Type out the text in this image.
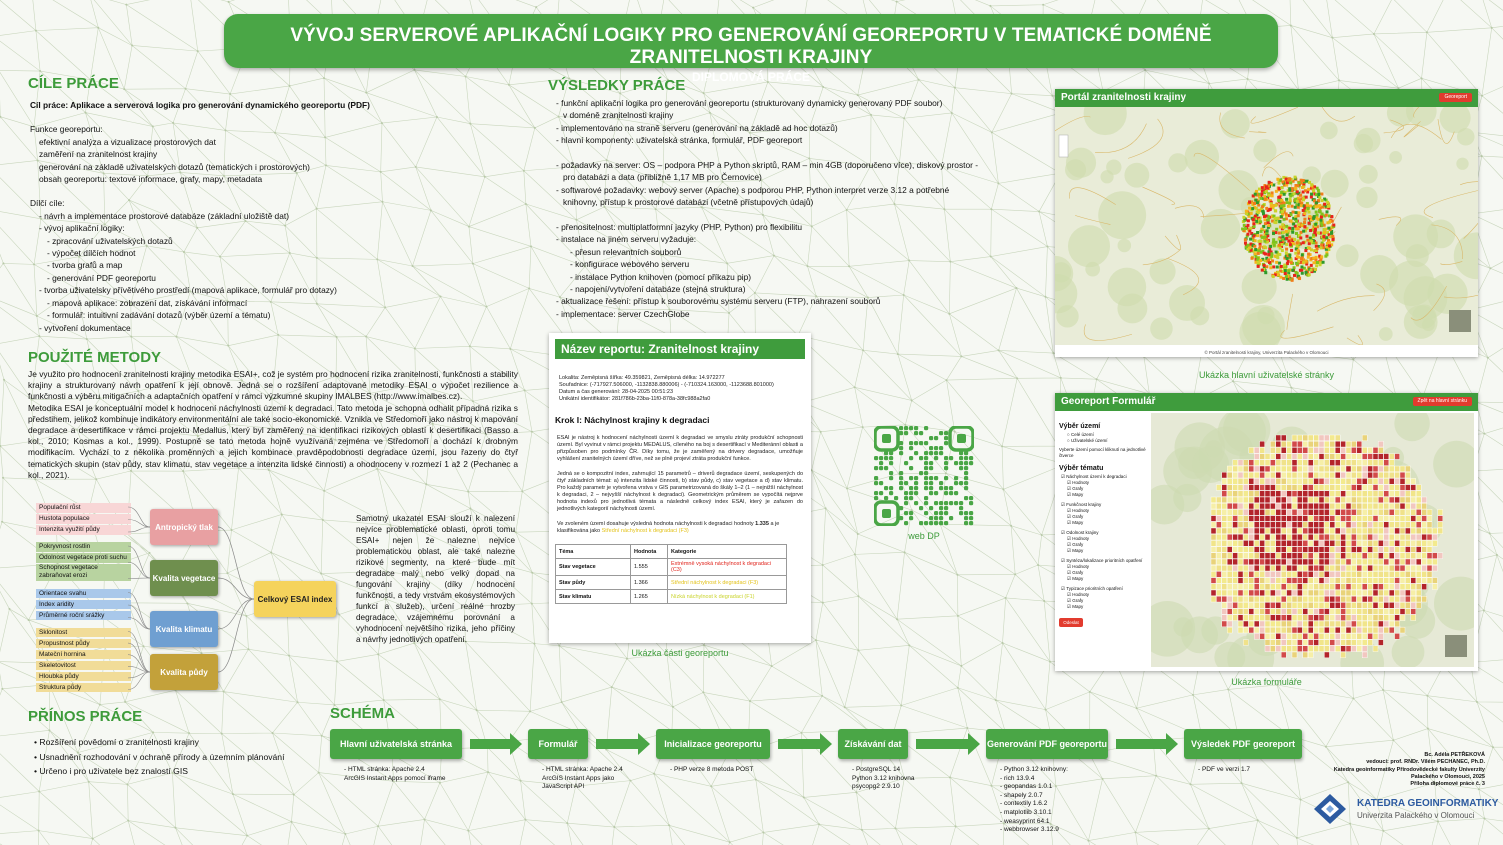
VÝVOJ SERVEROVÉ APLIKAČNÍ LOGIKY PRO GENEROVÁNÍ GEOREPORTU V TEMATICKÉ DOMÉNĚ ZRANITELNOSTI KRAJINY
DIPLOMOVÁ PRÁCE
CÍLE PRÁCE
Cíl práce: Aplikace a serverová logika pro generování dynamického georeportu (PDF)
Funkce georeportu:
efektivní analýza a vizualizace prostorových dat
zaměření na zranitelnost krajiny
generování na základě uživatelských dotazů (tematických i prostorových)
obsah georeportu: textové informace, grafy, mapy, metadata
Dílčí cíle:
- návrh a implementace prostorové databáze (základní uložiště dat)
- vývoj aplikační logiky:
- zpracování uživatelských dotazů
- výpočet dílčích hodnot
- tvorba grafů a map
- generování PDF georeportu
- tvorba uživatelsky přívětivého prostředí (mapová aplikace, formulář pro dotazy)
- mapová aplikace: zobrazení dat, získávání informací
- formulář: intuitivní zadávání dotazů (výběr území a tématu)
- vytvoření dokumentace
POUŽITÉ METODY
Je využito pro hodnocení zranitelnosti krajiny metodika ESAI+, což je systém pro hodnocení rizika zranitelnosti, funkčnosti a stability krajiny a strukturovaný návrh opatření k její obnově. Jedná se o rozšíření adaptované metodiky ESAI o výpočet rezilience a funkčnosti a výběru mitigačních a adaptačních opatření v rámci výzkumné skupiny IMALBES (http://www.imalbes.cz).
Metodika ESAI je konceptuální model k hodnocení náchylnosti území k degradaci. Tato metoda je schopna odhalit případná rizika s předstihem, jelikož kombinuje indikátory environmentální ale také socio-ekonomické. Vznikla ve Středomoří jako nástroj k mapování degradace a desertifikace v rámci projektu Medallus, který byl zaměřený na identifikaci rizikových oblastí k desertifikaci (Basso a kol., 2010; Kosmas a kol., 1999). Postupně se tato metoda hojně využívaná zejména ve Středomoří a dochází k drobným modifikacím. Vychází to z několika proměnných a jejich kombinace pravděpodobnosti degradace území, jsou řazeny do čtyř tematických skupin (stav půdy, stav klimatu, stav vegetace a intenzita lidské činnosti) a ohodnoceny v rozmezí 1 až 2 (Pechanec a kol., 2021).
Samotný ukazatel ESAI slouží k nalezení nejvíce problematické oblasti, oproti tomu ESAI+ nejen že nalezne nejvíce problematickou oblast, ale také nalezne rizikové segmenty, na které bude mít degradace malý nebo velký dopad na fungování krajiny (díky hodnocení funkčnosti, a tedy vrstvám ekosystémových funkcí a služeb), určení reálné hrozby degradace, vzájemnému porovnání a vyhodnocení největšího rizika, jeho příčiny a návrhy jednotlivých opatření.
PŘÍNOS PRÁCE
• Rozšíření povědomí o zranitelnosti krajiny
• Usnadnění rozhodování v ochraně přírody a územním plánování
• Určeno i pro uživatele bez znalostí GIS
VÝSLEDKY PRÁCE
- funkční aplikační logika pro generování georeportu (strukturovaný dynamicky generovaný PDF soubor)
v doméně zranitelnosti krajiny
- implementováno na straně serveru (generování na základě ad hoc dotazů)
- hlavní komponenty: uživatelská stránka, formulář, PDF georeport
- požadavky na server: OS – podpora PHP a Python skriptů, RAM – min 4GB (doporučeno více), diskový prostor -
pro databázi a data (přibližně 1,17 MB pro Černovice)
- softwarové požadavky: webový server (Apache) s podporou PHP, Python interpret verze 3.12 a potřebné
knihovny, přístup k prostorové databázi (včetně přístupových údajů)
- přenositelnost: multiplatformní jazyky (PHP, Python) pro flexibilitu
- instalace na jiném serveru vyžaduje:
- přesun relevantních souborů
- konfigurace webového serveru
- instalace Python knihoven (pomocí příkazu pip)
- napojení/vytvoření databáze (stejná struktura)
- aktualizace řešení: přístup k souborovému systému serveru (FTP), nahrazení souborů
- implementace: server CzechGlobe
Název reportu: Zranitelnost krajiny
Lokalita: Zeměpisná šířka: 49.359821, Zeměpisná délka: 14.972277
Souřadnice: (-717927.506000, -1132838.880006) - (-710324.163000, -1123688.801000)
Datum a čas generování: 28-04-2025 00:51:23
Unikátní identifikátor: 281f786b-23ba-11f0-878a-38fc988a2fa0
Krok I: Náchylnost krajiny k degradaci
ESAI je nástroj k hodnocení náchylnosti území k degradaci ve smyslu ztráty produkční schopnosti území. Byl vyvinut v rámci projektu MEDALUS, cíleného na boj s desertifikací v Mediteránní oblasti a přizpůsoben pro podmínky ČR. Díky tomu, že je zaměřený na drivery degradace, umožňuje vyhlášení zranitelných území dříve, než se plně projeví ztráta produkční funkce.
Jedná se o kompozitní index, zahrnující 15 parametrů – driverů degradace území, seskupených do čtyř základních témat: a) intenzita lidské činnosti, b) stav půdy, c) stav vegetace a d) stav klimatu. Pro každý parametr je vytvořena vrstva v GIS parametrizovaná do škály 1–2 (1 – nejnižší náchylnost k degradaci, 2 – nejvyšší náchylnost k degradaci). Geometrickým průměrem se vypočítá nejprve hodnota indexů pro jednotlivá témata a následně celkový index ESAI, který je zařazen do jednotlivých kategorií náchylnosti území.
Ve zvoleném území dosahuje výsledná hodnota náchylnosti k degradaci hodnoty 1.335 a je klasifikována jako Střední náchylnost k degradaci (F3)
Téma	Hodnota	Kategorie
Stav vegetace	1.555	Extrémně vysoká náchylnost k degradaci (C3)
Stav půdy	1.366	Střední náchylnost k degradaci (F3)
Stav klimatu	1.265	Nízká náchylnost k degradaci (F1)
Ukázka části georeportu
web DP
Portál zranitelnosti krajiny	Georeport
© Portál zranitelnosti krajiny, Univerzita Palackého v Olomouci
Ukázka hlavní uživatelské stránky
Georeport Formulář	Zpět na hlavní stránku
Výběr území
○ Celé území
○ Uživatelské území
Vyberte území pomocí kliknutí na jednotlivé čtverce
Výběr tématu
☑ Náchylnost území k degradaci
☑ Hodnoty
☑ Grafy
☑ Mapy
☑ Funkčnost krajiny
☑ Hodnoty
☑ Grafy
☑ Mapy
☑ Odolnost krajiny
☑ Hodnoty
☑ Grafy
☑ Mapy
☑ Syntéza/lokalizace prioritních opatření
☑ Hodnoty
☑ Grafy
☑ Mapy
☑ Typizace prioritních opatření
☑ Hodnoty
☑ Grafy
☑ Mapy
Odeslat
Ukázka formuláře
SCHÉMA
Bc. Adéla PETŘEKOVÁ
vedoucí: prof. RNDr. Vilém PECHANEC, Ph.D.
Katedra geoinformatiky Přírodovědecké fakulty Univerzity
Palackého v Olomouci, 2025
Příloha diplomové práce č. 3
KATEDRA GEOINFORMATIKY
Univerzita Palackého v Olomouci
Populační růst
Hustota populace
Intenzita využití půdy	Antropický tlak
Pokryvnost rostlin
Odolnost vegetace proti suchu
Schopnost vegetace zabraňovat erozi	Kvalita vegetace
Orientace svahu
Index aridity
Průměrné roční srážky
Kvalita klimatu
Sklonitost
Propustnost půdy
Mateční hornina
Skeletovitost
Hloubka půdy
Struktura půdy
Kvalita půdy
Celkový ESAI index
Hlavní uživatelská stránka
- HTML stránka: Apache 2.4
ArcGIS Instant Apps pomocí iframe
Formulář
- HTML stránka: Apache 2.4
ArcGIS Instant Apps jako
JavaScript API
Inicializace georeportu
- PHP verze 8 metoda POST
Získávání dat
- PostgreSQL 14
Python 3.12 knihovna
psycopg2 2.9.10
Generování PDF georeportu
- Python 3.12 knihovny:
- rich 13.9.4
- geopandas 1.0.1
- shapely 2.0.7
- contextily 1.6.2
- matplotlib 3.10.1
- weasyprint 64.1
- webbrowser 3.12.9
Výsledek PDF georeport
- PDF ve verzi 1.7
